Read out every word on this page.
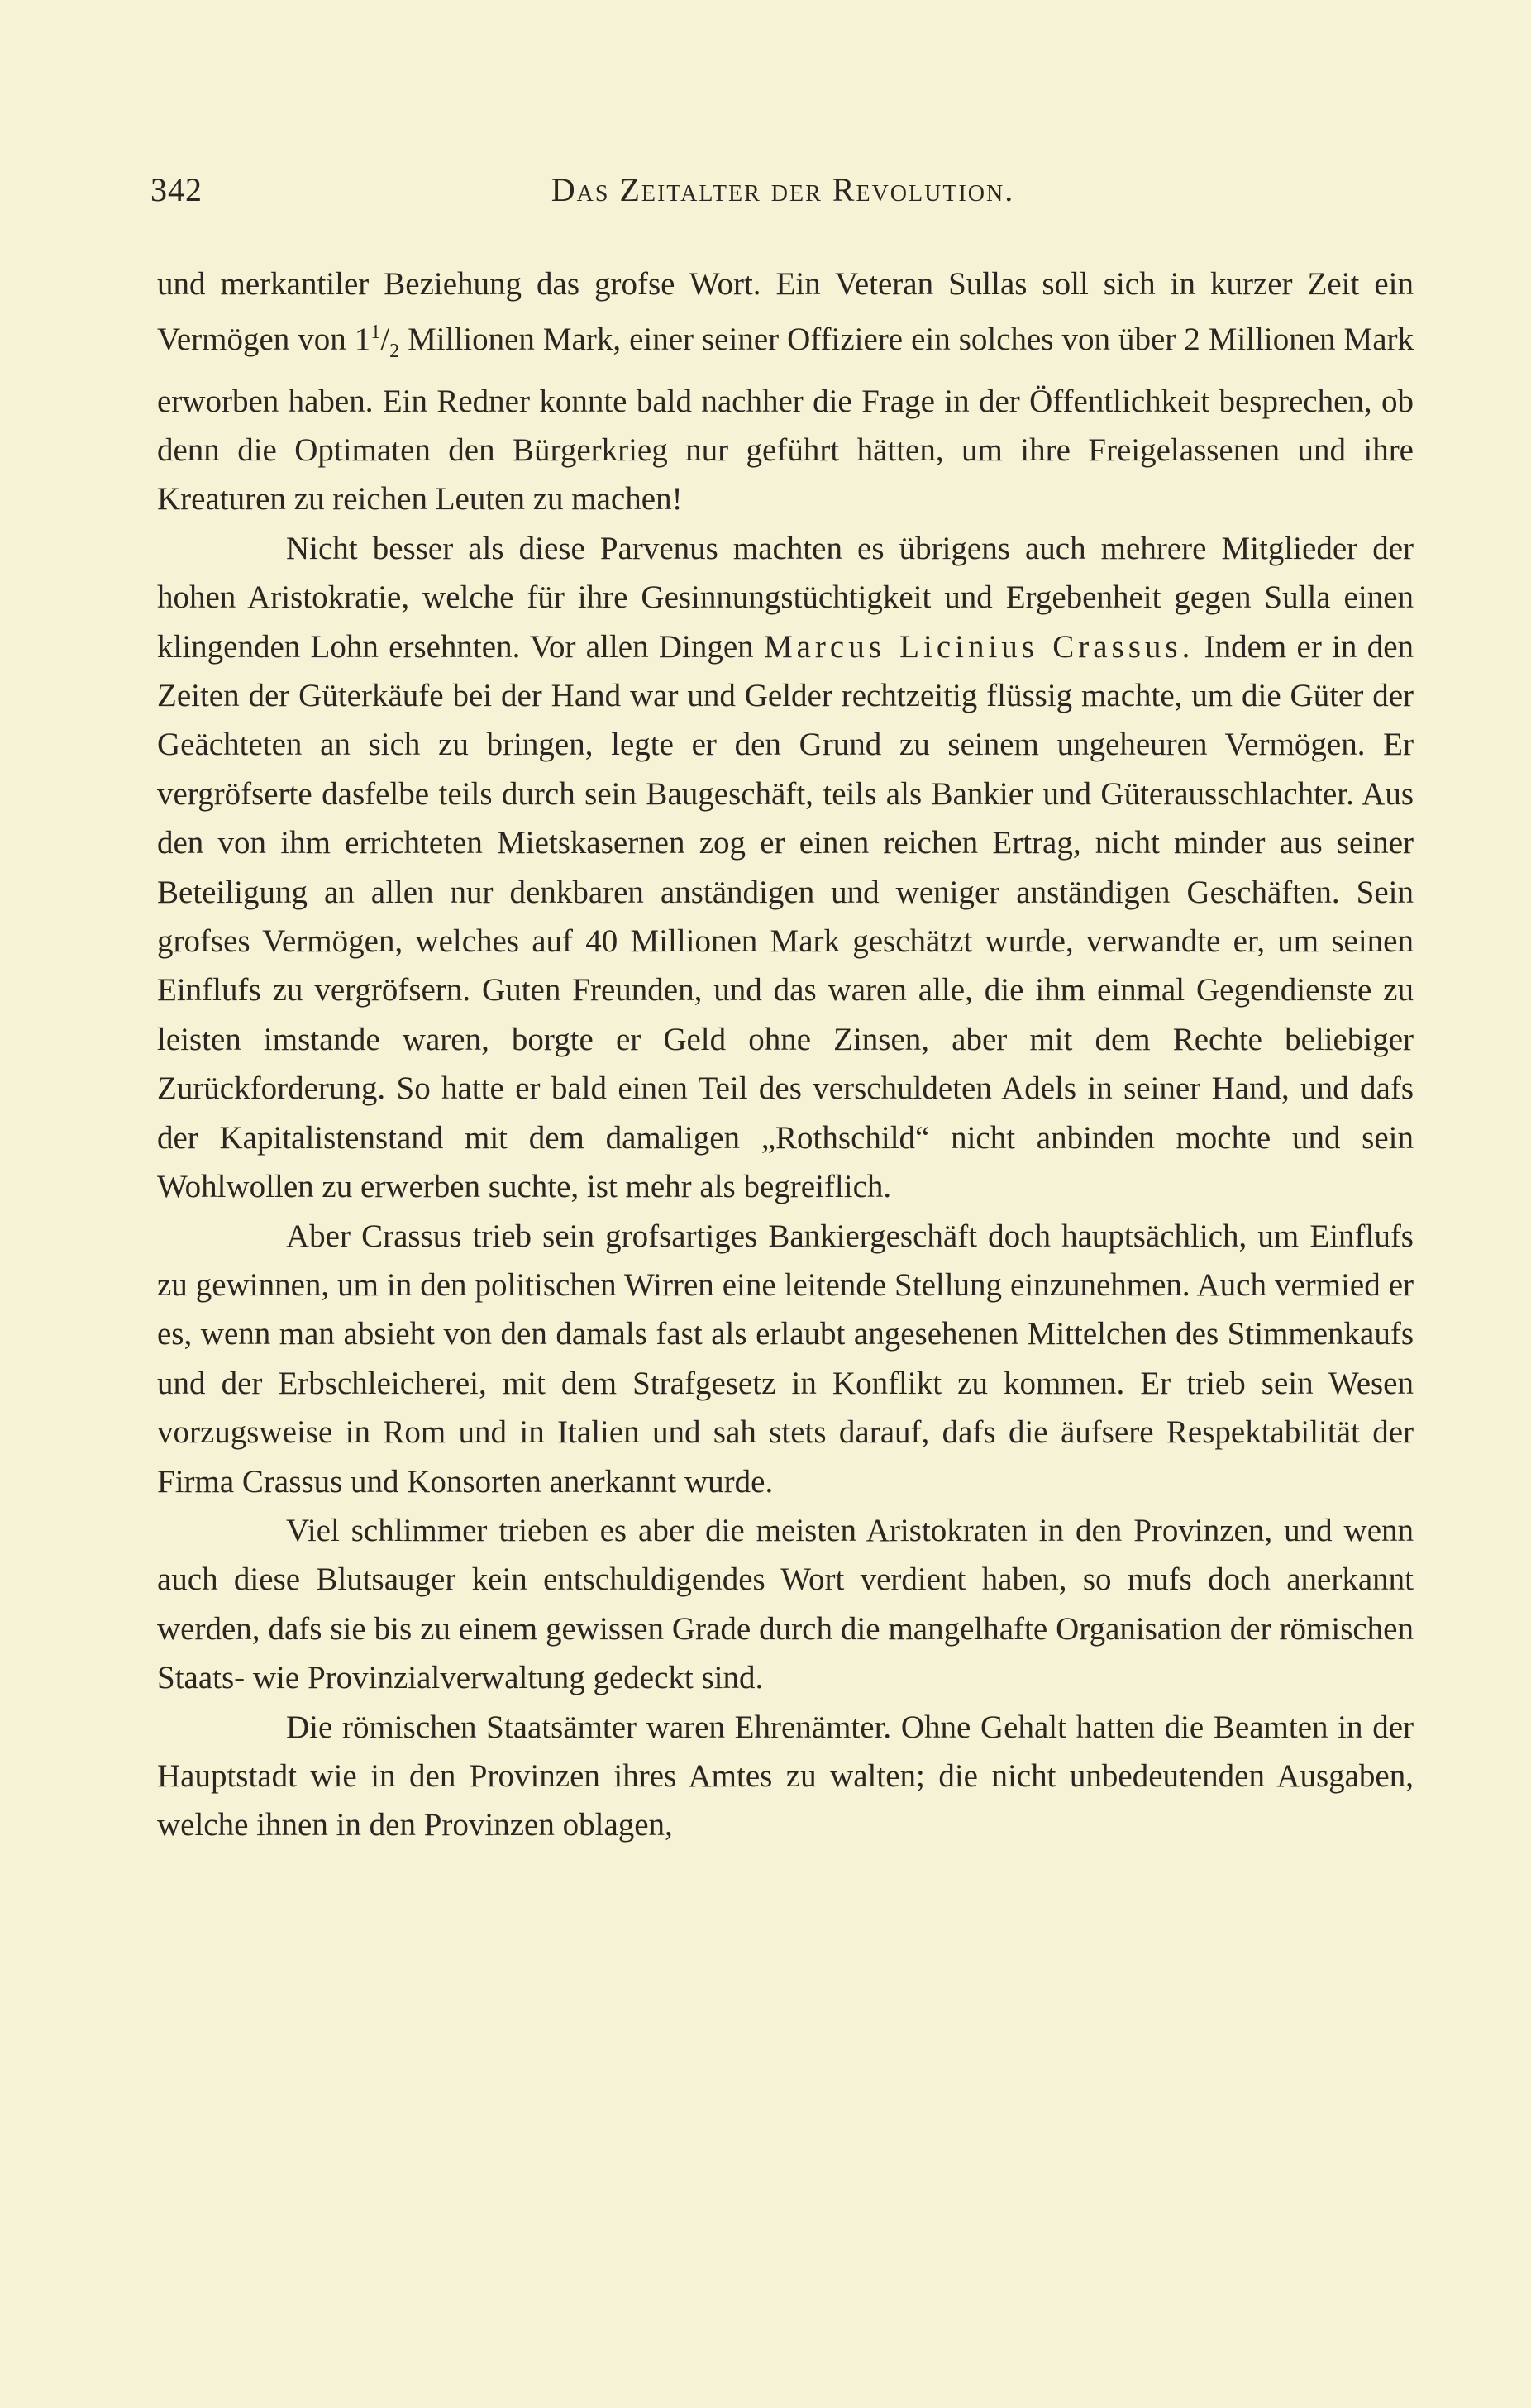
342	Das Zeitalter der Revolution.

und merkantiler Beziehung das grofse Wort. Ein Veteran Sullas soll sich in kurzer Zeit ein Vermögen von $1^1/_2$ Millionen Mark, einer seiner Offiziere ein solches von über 2 Millionen Mark erworben haben. Ein Redner konnte bald nachher die Frage in der Öffentlichkeit besprechen, ob denn die Optimaten den Bürgerkrieg nur geführt hätten, um ihre Freigelassenen und ihre Kreaturen zu reichen Leuten zu machen!

Nicht besser als diese Parvenus machten es übrigens auch mehrere Mitglieder der hohen Aristokratie, welche für ihre Gesinnungstüchtigkeit und Ergebenheit gegen Sulla einen klingenden Lohn ersehnten. Vor allen Dingen Marcus Licinius Crassus. Indem er in den Zeiten der Güterkäufe bei der Hand war und Gelder rechtzeitig flüssig machte, um die Güter der Geächteten an sich zu bringen, legte er den Grund zu seinem ungeheuren Vermögen. Er vergröfserte dasfelbe teils durch sein Baugeschäft, teils als Bankier und Güterausschlachter. Aus den von ihm errichteten Mietskasernen zog er einen reichen Ertrag, nicht minder aus seiner Beteiligung an allen nur denkbaren anständigen und weniger anständigen Geschäften. Sein grofses Vermögen, welches auf 40 Millionen Mark geschätzt wurde, verwandte er, um seinen Einflufs zu vergröfsern. Guten Freunden, und das waren alle, die ihm einmal Gegendienste zu leisten imstande waren, borgte er Geld ohne Zinsen, aber mit dem Rechte beliebiger Zurückforderung. So hatte er bald einen Teil des verschuldeten Adels in seiner Hand, und dafs der Kapitalistenstand mit dem damaligen „Rothschild“ nicht anbinden mochte und sein Wohlwollen zu erwerben suchte, ist mehr als begreiflich.

Aber Crassus trieb sein grofsartiges Bankiergeschäft doch hauptsächlich, um Einflufs zu gewinnen, um in den politischen Wirren eine leitende Stellung einzunehmen. Auch vermied er es, wenn man absieht von den damals fast als erlaubt angesehenen Mittelchen des Stimmenkaufs und der Erbschleicherei, mit dem Strafgesetz in Konflikt zu kommen. Er trieb sein Wesen vorzugsweise in Rom und in Italien und sah stets darauf, dafs die äufsere Respektabilität der Firma Crassus und Konsorten anerkannt wurde.

Viel schlimmer trieben es aber die meisten Aristokraten in den Provinzen, und wenn auch diese Blutsauger kein entschuldigendes Wort verdient haben, so mufs doch anerkannt werden, dafs sie bis zu einem gewissen Grade durch die mangelhafte Organisation der römischen Staats- wie Provinzialverwaltung gedeckt sind.

Die römischen Staatsämter waren Ehrenämter. Ohne Gehalt hatten die Beamten in der Hauptstadt wie in den Provinzen ihres Amtes zu walten; die nicht unbedeutenden Ausgaben, welche ihnen in den Provinzen oblagen,
